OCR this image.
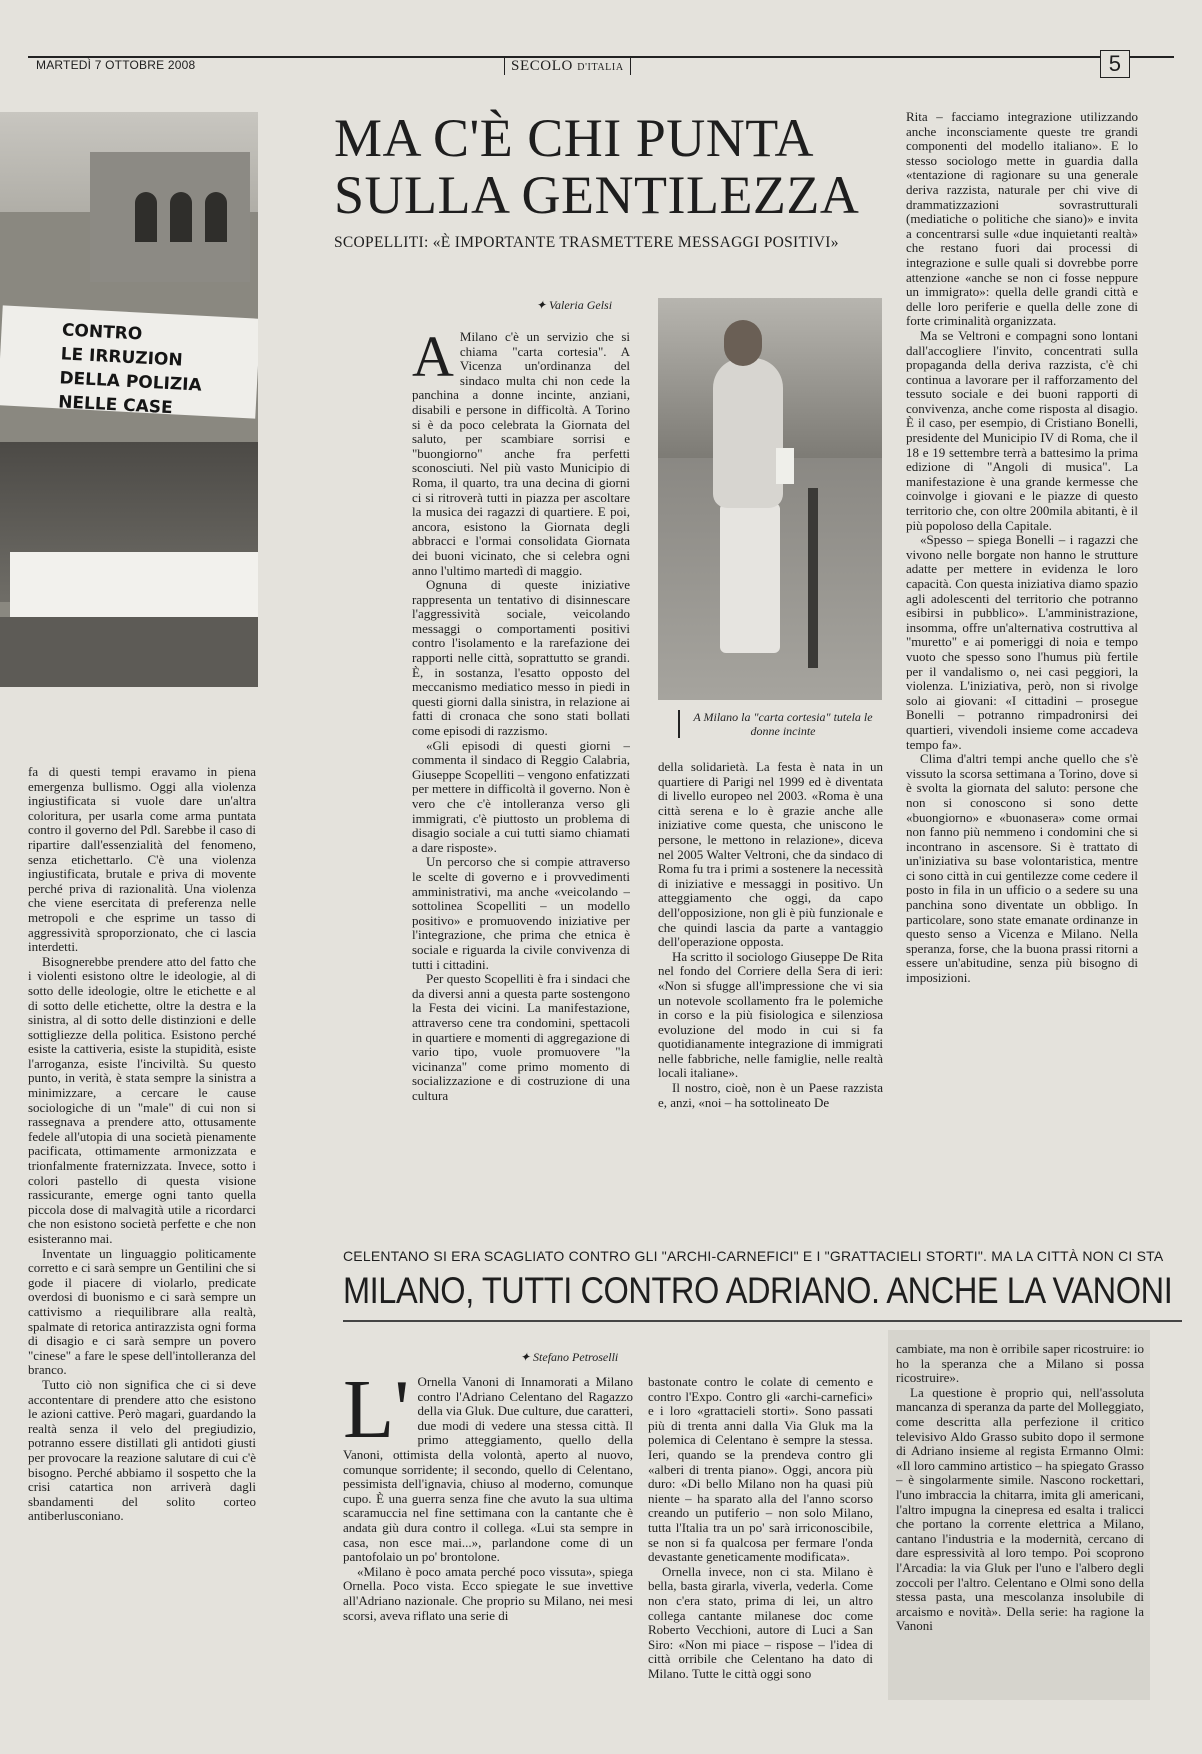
MARTEDÌ 7 OTTOBRE 2008	SECOLO D'ITALIA	5
CONTRO
LE IRRUZION
DELLA POLIZIA
NELLE CASE
A Milano la "carta cortesia" tutela le donne incinte
MA C'È CHI PUNTA SULLA GENTILEZZA
SCOPELLITI: «È IMPORTANTE TRASMETTERE MESSAGGI POSITIVI»
✦ Valeria Gelsi

fa di questi tempi eravamo in piena emergenza bullismo. Oggi alla violenza ingiustificata si vuole dare un'altra coloritura, per usarla come arma puntata contro il governo del Pdl. Sarebbe il caso di ripartire dall'essenzialità del fenomeno, senza etichettarlo. C'è una violenza ingiustificata, brutale e priva di movente perché priva di razionalità. Una violenza che viene esercitata di preferenza nelle metropoli e che esprime un tasso di aggressività sproporzionato, che ci lascia interdetti.

Bisognerebbe prendere atto del fatto che i violenti esistono oltre le ideologie, al di sotto delle ideologie, oltre le etichette e al di sotto delle etichette, oltre la destra e la sinistra, al di sotto delle distinzioni e delle sottigliezze della politica. Esistono perché esiste la cattiveria, esiste la stupidità, esiste l'arroganza, esiste l'inciviltà. Su questo punto, in verità, è stata sempre la sinistra a minimizzare, a cercare le cause sociologiche di un "male" di cui non si rassegnava a prendere atto, ottusamente fedele all'utopia di una società pienamente pacificata, ottimamente armonizzata e trionfalmente fraternizzata. Invece, sotto i colori pastello di questa visione rassicurante, emerge ogni tanto quella piccola dose di malvagità utile a ricordarci che non esistono società perfette e che non esisteranno mai.

Inventate un linguaggio politicamente corretto e ci sarà sempre un Gentilini che si gode il piacere di violarlo, predicate overdosi di buonismo e ci sarà sempre un cattivismo a riequilibrare alla realtà, spalmate di retorica antirazzista ogni forma di disagio e ci sarà sempre un povero "cinese" a fare le spese dell'intolleranza del branco.

Tutto ciò non significa che ci si deve accontentare di prendere atto che esistono le azioni cattive. Però magari, guardando la realtà senza il velo del pregiudizio, potranno essere distillati gli antidoti giusti per provocare la reazione salutare di cui c'è bisogno. Perché abbiamo il sospetto che la crisi catartica non arriverà dagli sbandamenti del solito corteo antiberlusconiano.

A Milano c'è un servizio che si chiama "carta cortesia". A Vicenza un'ordinanza del sindaco multa chi non cede la panchina a donne incinte, anziani, disabili e persone in difficoltà. A Torino si è da poco celebrata la Giornata del saluto, per scambiare sorrisi e "buongiorno" anche fra perfetti sconosciuti. Nel più vasto Municipio di Roma, il quarto, tra una decina di giorni ci si ritroverà tutti in piazza per ascoltare la musica dei ragazzi di quartiere. E poi, ancora, esistono la Giornata degli abbracci e l'ormai consolidata Giornata dei buoni vicinato, che si celebra ogni anno l'ultimo martedì di maggio.

Ognuna di queste iniziative rappresenta un tentativo di disinnescare l'aggressività sociale, veicolando messaggi o comportamenti positivi contro l'isolamento e la rarefazione dei rapporti nelle città, soprattutto se grandi. È, in sostanza, l'esatto opposto del meccanismo mediatico messo in piedi in questi giorni dalla sinistra, in relazione ai fatti di cronaca che sono stati bollati come episodi di razzismo.

«Gli episodi di questi giorni – commenta il sindaco di Reggio Calabria, Giuseppe Scopelliti – vengono enfatizzati per mettere in difficoltà il governo. Non è vero che c'è intolleranza verso gli immigrati, c'è piuttosto un problema di disagio sociale a cui tutti siamo chiamati a dare risposte».

Un percorso che si compie attraverso le scelte di governo e i provvedimenti amministrativi, ma anche «veicolando – sottolinea Scopelliti – un modello positivo» e promuovendo iniziative per l'integrazione, che prima che etnica è sociale e riguarda la civile convivenza di tutti i cittadini.

Per questo Scopelliti è fra i sindaci che da diversi anni a questa parte sostengono la Festa dei vicini. La manifestazione, attraverso cene tra condomini, spettacoli in quartiere e momenti di aggregazione di vario tipo, vuole promuovere "la vicinanza" come primo momento di socializzazione e di costruzione di una cultura

della solidarietà. La festa è nata in un quartiere di Parigi nel 1999 ed è diventata di livello europeo nel 2003. «Roma è una città serena e lo è grazie anche alle iniziative come questa, che uniscono le persone, le mettono in relazione», diceva nel 2005 Walter Veltroni, che da sindaco di Roma fu tra i primi a sostenere la necessità di iniziative e messaggi in positivo. Un atteggiamento che oggi, da capo dell'opposizione, non gli è più funzionale e che quindi lascia da parte a vantaggio dell'operazione opposta.

Ha scritto il sociologo Giuseppe De Rita nel fondo del Corriere della Sera di ieri: «Non si sfugge all'impressione che vi sia un notevole scollamento fra le polemiche in corso e la più fisiologica e silenziosa evoluzione del modo in cui si fa quotidianamente integrazione di immigrati nelle fabbriche, nelle famiglie, nelle realtà locali italiane».

Il nostro, cioè, non è un Paese razzista e, anzi, «noi – ha sottolineato De

Rita – facciamo integrazione utilizzando anche inconsciamente queste tre grandi componenti del modello italiano». E lo stesso sociologo mette in guardia dalla «tentazione di ragionare su una generale deriva razzista, naturale per chi vive di drammatizzazioni sovrastrutturali (mediatiche o politiche che siano)» e invita a concentrarsi sulle «due inquietanti realtà» che restano fuori dai processi di integrazione e sulle quali si dovrebbe porre attenzione «anche se non ci fosse neppure un immigrato»: quella delle grandi città e delle loro periferie e quella delle zone di forte criminalità organizzata.

Ma se Veltroni e compagni sono lontani dall'accogliere l'invito, concentrati sulla propaganda della deriva razzista, c'è chi continua a lavorare per il rafforzamento del tessuto sociale e dei buoni rapporti di convivenza, anche come risposta al disagio. È il caso, per esempio, di Cristiano Bonelli, presidente del Municipio IV di Roma, che il 18 e 19 settembre terrà a battesimo la prima edizione di "Angoli di musica". La manifestazione è una grande kermesse che coinvolge i giovani e le piazze di questo territorio che, con oltre 200mila abitanti, è il più popoloso della Capitale.

«Spesso – spiega Bonelli – i ragazzi che vivono nelle borgate non hanno le strutture adatte per mettere in evidenza le loro capacità. Con questa iniziativa diamo spazio agli adolescenti del territorio che potranno esibirsi in pubblico». L'amministrazione, insomma, offre un'alternativa costruttiva al "muretto" e ai pomeriggi di noia e tempo vuoto che spesso sono l'humus più fertile per il vandalismo o, nei casi peggiori, la violenza. L'iniziativa, però, non si rivolge solo ai giovani: «I cittadini – prosegue Bonelli – potranno rimpadronirsi dei quartieri, vivendoli insieme come accadeva tempo fa».

Clima d'altri tempi anche quello che s'è vissuto la scorsa settimana a Torino, dove si è svolta la giornata del saluto: persone che non si conoscono si sono dette «buongiorno» e «buonasera» come ormai non fanno più nemmeno i condomini che si incontrano in ascensore. Si è trattato di un'iniziativa su base volontaristica, mentre ci sono città in cui gentilezze come cedere il posto in fila in un ufficio o a sedere su una panchina sono diventate un obbligo. In particolare, sono state emanate ordinanze in questo senso a Vicenza e Milano. Nella speranza, forse, che la buona prassi ritorni a essere un'abitudine, senza più bisogno di imposizioni.

CELENTANO SI ERA SCAGLIATO CONTRO GLI "ARCHI-CARNEFICI" E I "GRATTACIELI STORTI". MA LA CITTÀ NON CI STA
MILANO, TUTTI CONTRO ADRIANO. ANCHE LA VANONI
✦ Stefano Petroselli

L' Ornella Vanoni di Innamorati a Milano contro l'Adriano Celentano del Ragazzo della via Gluk. Due culture, due caratteri, due modi di vedere una stessa città. Il primo atteggiamento, quello della Vanoni, ottimista della volontà, aperto al nuovo, comunque sorridente; il secondo, quello di Celentano, pessimista dell'ignavia, chiuso al moderno, comunque cupo. È una guerra senza fine che avuto la sua ultima scaramuccia nel fine settimana con la cantante che è andata giù dura contro il collega. «Lui sta sempre in casa, non esce mai...», parlandone come di un pantofolaio un po' brontolone.

«Milano è poco amata perché poco vissuta», spiega Ornella. Poco vista. Ecco spiegate le sue invettive all'Adriano nazionale. Che proprio su Milano, nei mesi scorsi, aveva riflato una serie di

bastonate contro le colate di cemento e contro l'Expo. Contro gli «archi-carnefici» e i loro «grattacieli storti». Sono passati più di trenta anni dalla Via Gluk ma la polemica di Celentano è sempre la stessa. Ieri, quando se la prendeva contro gli «alberi di trenta piano». Oggi, ancora più duro: «Di bello Milano non ha quasi più niente – ha sparato alla del l'anno scorso creando un putiferio – non solo Milano, tutta l'Italia tra un po' sarà irriconoscibile, se non si fa qualcosa per fermare l'onda devastante geneticamente modificata».

Ornella invece, non ci sta. Milano è bella, basta girarla, viverla, vederla. Come non c'era stato, prima di lei, un altro collega cantante milanese doc come Roberto Vecchioni, autore di Luci a San Siro: «Non mi piace – rispose – l'idea di città orribile che Celentano ha dato di Milano. Tutte le città oggi sono

cambiate, ma non è orribile saper ricostruire: io ho la speranza che a Milano si possa ricostruire».

La questione è proprio qui, nell'assoluta mancanza di speranza da parte del Molleggiato, come descritta alla perfezione il critico televisivo Aldo Grasso subito dopo il sermone di Adriano insieme al regista Ermanno Olmi: «Il loro cammino artistico – ha spiegato Grasso – è singolarmente simile. Nascono rockettari, l'uno imbraccia la chitarra, imita gli americani, l'altro impugna la cinepresa ed esalta i tralicci che portano la corrente elettrica a Milano, cantano l'industria e la modernità, cercano di dare espressività al loro tempo. Poi scoprono l'Arcadia: la via Gluk per l'uno e l'albero degli zoccoli per l'altro. Celentano e Olmi sono della stessa pasta, una mescolanza insolubile di arcaismo e novità». Della serie: ha ragione la Vanoni
